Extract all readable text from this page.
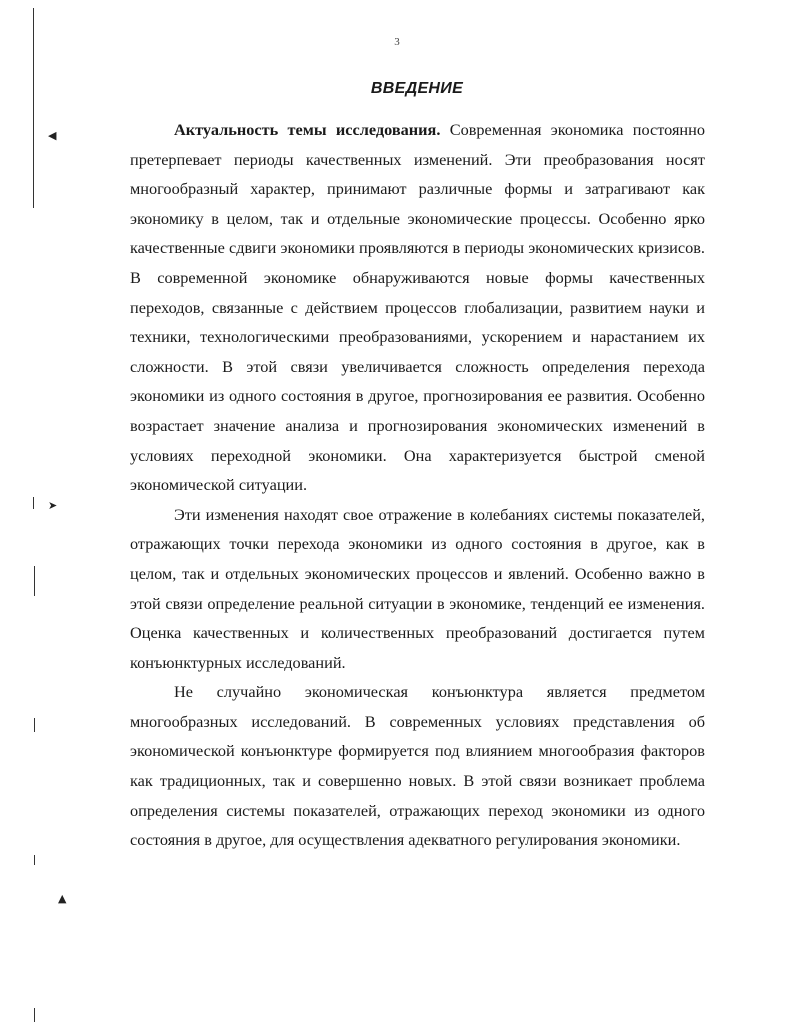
◀
➤
▲
3
ВВЕДЕНИЕ

Актуальность темы исследования. Современная экономика постоянно претерпевает периоды качественных изменений. Эти преобразования носят многообразный характер, принимают различные формы и затрагивают как экономику в целом, так и отдельные экономические процессы. Особенно ярко качественные сдвиги экономики проявляются в периоды экономических кризисов. В современной экономике обнаруживаются новые формы качественных переходов, связанные с действием процессов глобализации, развитием науки и техники, технологическими преобразованиями, ускорением и нарастанием их сложности. В этой связи увеличивается сложность определения перехода экономики из одного состояния в другое, прогнозирования ее развития. Особенно возрастает значение анализа и прогнозирования экономических изменений в условиях переходной экономики. Она характеризуется быстрой сменой экономической ситуации.

Эти изменения находят свое отражение в колебаниях системы показателей, отражающих точки перехода экономики из одного состояния в другое, как в целом, так и отдельных экономических процессов и явлений. Особенно важно в этой связи определение реальной ситуации в экономике, тенденций ее изменения. Оценка качественных и количественных преобразований достигается путем конъюнктурных исследований.

Не случайно экономическая конъюнктура является предметом многообразных исследований. В современных условиях представления об экономической конъюнктуре формируется под влиянием многообразия факторов как традиционных, так и совершенно новых. В этой связи возникает проблема определения системы показателей, отражающих переход экономики из одного состояния в другое, для осуществления адекватного регулирования экономики.
